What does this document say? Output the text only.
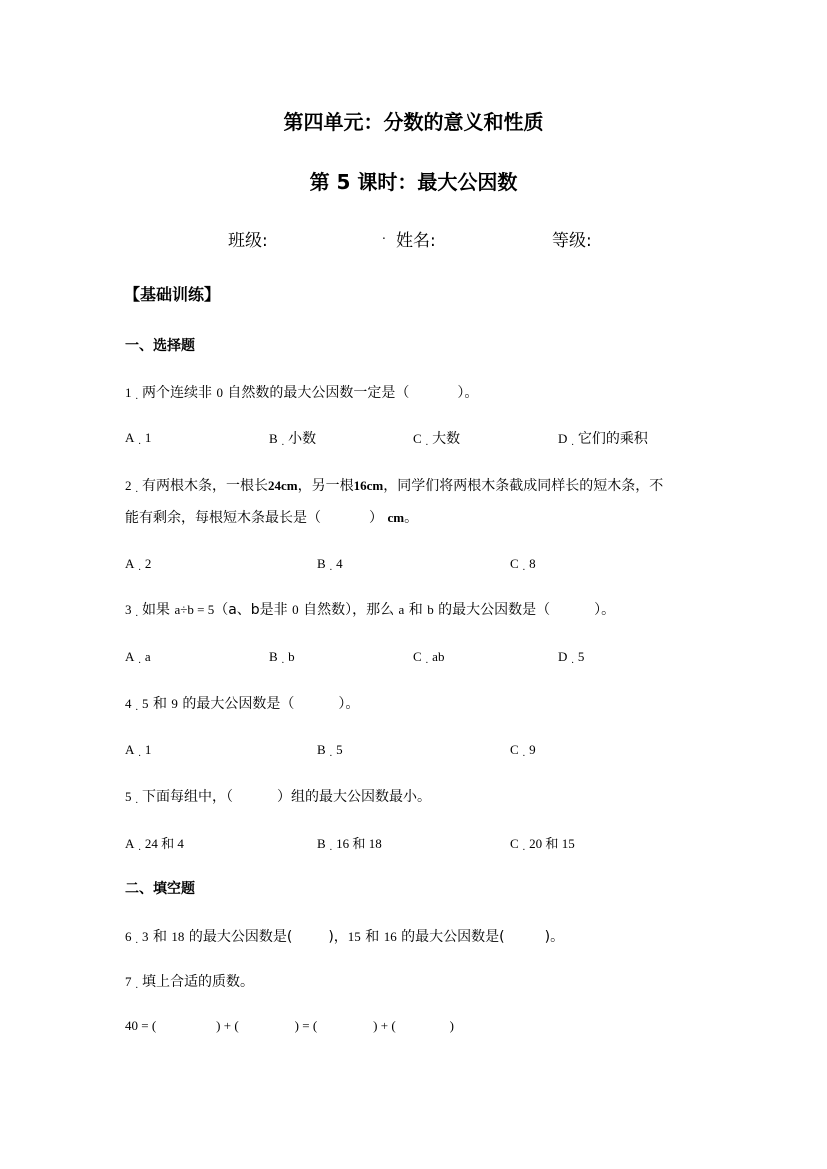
第四单元：分数的意义和性质
第 5 课时：最大公因数
班级:	. 姓名:	等级:
【基础训练】
一、选择题
1 . 两个连续非 0 自然数的最大公因数一定是（	）。
A . 1	B . 小数	C . 大数	D . 它们的乘积
2 . 有两根木条，一根长24cm，另一根16cm，同学们将两根木条截成同样长的短木条，不
能有剩余，每根短木条最长是（	） cm。
A . 2	B . 4	C . 8
3 . 如果 a÷b = 5（a、b是非 0 自然数），那么 a 和 b 的最大公因数是（	）。
A . a	B . b	C . ab	D . 5
4 . 5 和 9 的最大公因数是（	）。
A . 1	B . 5	C . 9
5 . 下面每组中，（	）组的最大公因数最小。
A . 24 和 4	B . 16 和 18	C . 20 和 15
二、填空题
6 . 3 和 18 的最大公因数是(	)，15 和 16 的最大公因数是(	)。
7 . 填上合适的质数。
40 = (	) + (	) = (	) + (	)
